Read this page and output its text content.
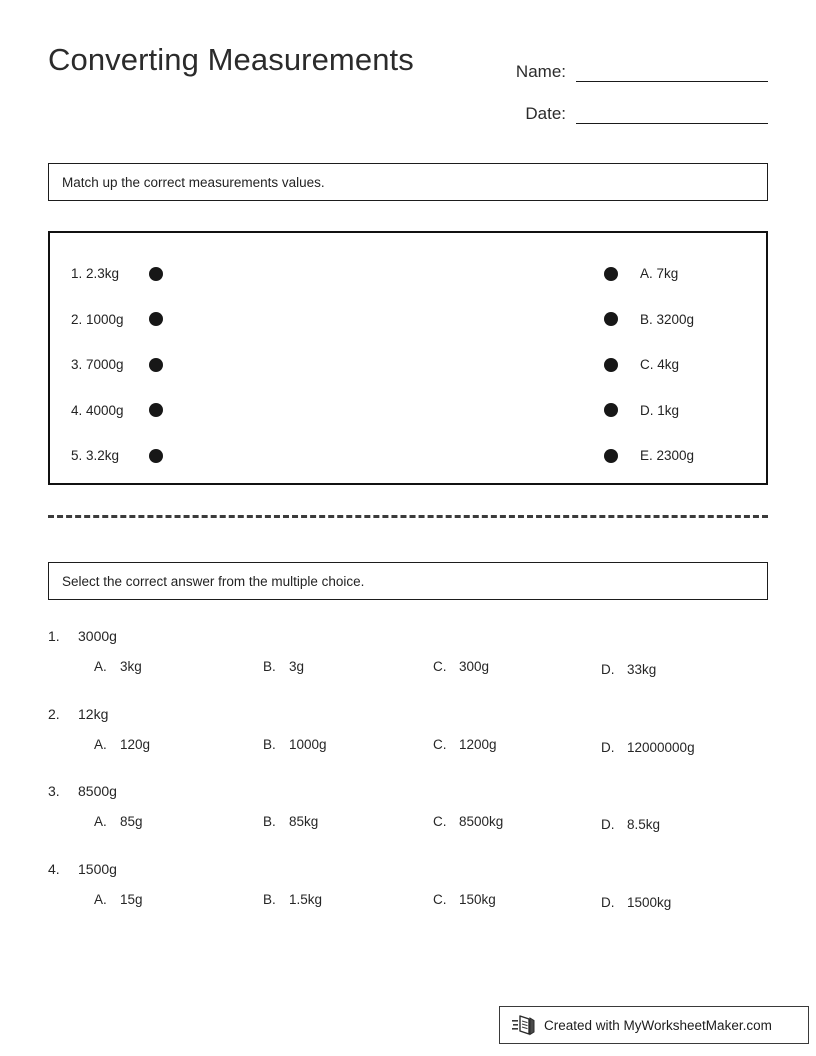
Converting Measurements	Name:
Date:
Match up the correct measurements values.
1. 2.3kg	A. 7kg
2. 1000g	B. 3200g
3. 7000g	C. 4kg
4. 4000g	D. 1kg
5. 3.2kg	E. 2300g
Select the correct answer from the multiple choice.
1.	3000g
A. 3kg	B. 3g	C. 300g	D. 33kg
2.	12kg
A. 120g	B. 1000g	C. 1200g	D. 12000000g
3.	8500g
A. 85g	B. 85kg	C. 8500kg	D. 8.5kg
4.	1500g
A. 15g	B. 1.5kg	C. 150kg	D. 1500kg
Created with MyWorksheetMaker.com
